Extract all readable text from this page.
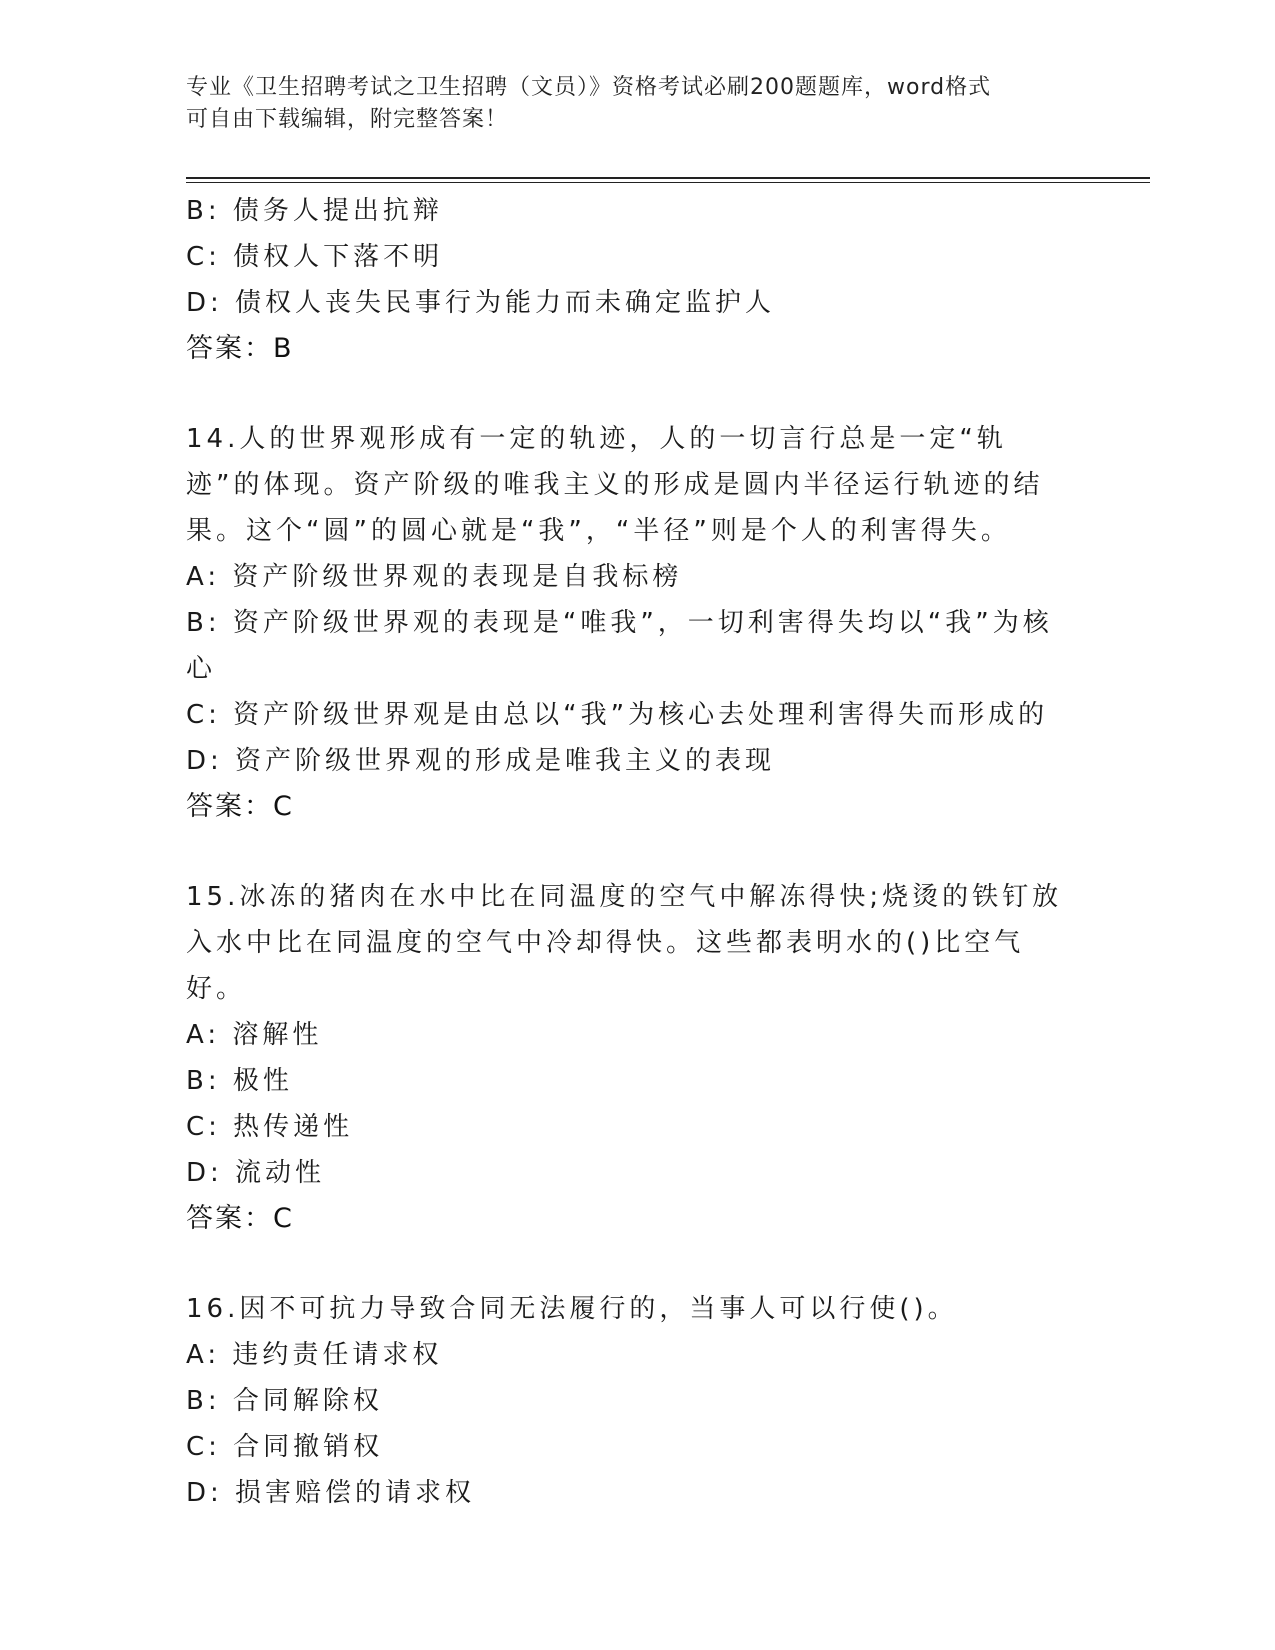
专业《卫生招聘考试之卫生招聘（文员）》资格考试必刷200题题库，word格式
可自由下载编辑，附完整答案！

B: 债务人提出抗辩

C: 债权人下落不明

D: 债权人丧失民事行为能力而未确定监护人

答案：B

14.人的世界观形成有一定的轨迹，人的一切言行总是一定“轨迹”的体现。资产阶级的唯我主义的形成是圆内半径运行轨迹的结果。这个“圆”的圆心就是“我”，“半径”则是个人的利害得失。

A: 资产阶级世界观的表现是自我标榜

B: 资产阶级世界观的表现是“唯我”，一切利害得失均以“我”为核心

C: 资产阶级世界观是由总以“我”为核心去处理利害得失而形成的

D: 资产阶级世界观的形成是唯我主义的表现

答案：C

15.冰冻的猪肉在水中比在同温度的空气中解冻得快;烧烫的铁钉放入水中比在同温度的空气中冷却得快。这些都表明水的()比空气好。

A: 溶解性

B: 极性

C: 热传递性

D: 流动性

答案：C

16.因不可抗力导致合同无法履行的，当事人可以行使()。

A: 违约责任请求权

B: 合同解除权

C: 合同撤销权

D: 损害赔偿的请求权
